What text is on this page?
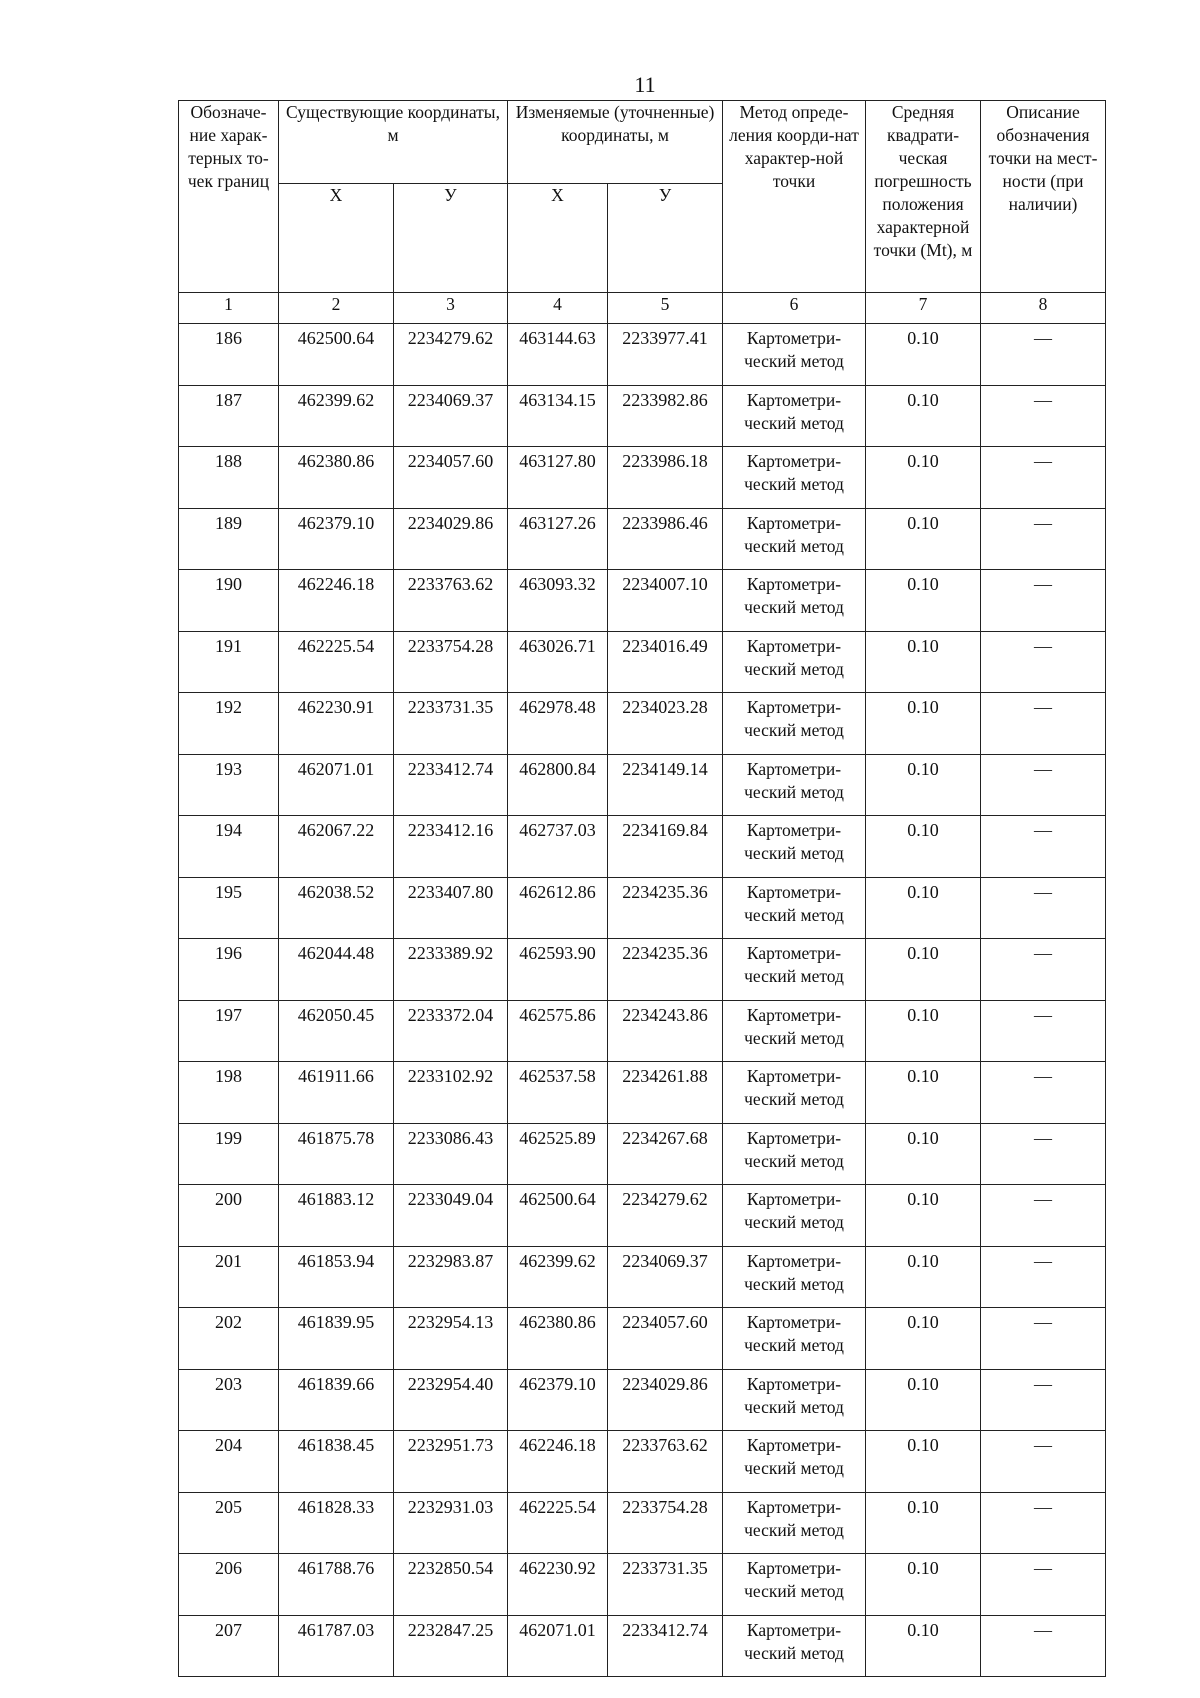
11
Обозначе-ние харак-терных то-чек границ	Существующие координаты, м		Изменяемые (уточненные) координаты, м		Метод опреде-ления коорди-нат характер-ной точки	Средняя квадрати-ческая погрешность положения характерной точки (Mt), м	Описание обозначения точки на мест-ности (при наличии)
	X	У	X	У			
1	2	3	4	5	6	7	8
186	462500.64	2234279.62	463144.63	2233977.41	Картометри-ческий метод	0.10	—
187	462399.62	2234069.37	463134.15	2233982.86	Картометри-ческий метод	0.10	—
188	462380.86	2234057.60	463127.80	2233986.18	Картометри-ческий метод	0.10	—
189	462379.10	2234029.86	463127.26	2233986.46	Картометри-ческий метод	0.10	—
190	462246.18	2233763.62	463093.32	2234007.10	Картометри-ческий метод	0.10	—
191	462225.54	2233754.28	463026.71	2234016.49	Картометри-ческий метод	0.10	—
192	462230.91	2233731.35	462978.48	2234023.28	Картометри-ческий метод	0.10	—
193	462071.01	2233412.74	462800.84	2234149.14	Картометри-ческий метод	0.10	—
194	462067.22	2233412.16	462737.03	2234169.84	Картометри-ческий метод	0.10	—
195	462038.52	2233407.80	462612.86	2234235.36	Картометри-ческий метод	0.10	—
196	462044.48	2233389.92	462593.90	2234235.36	Картометри-ческий метод	0.10	—
197	462050.45	2233372.04	462575.86	2234243.86	Картометри-ческий метод	0.10	—
198	461911.66	2233102.92	462537.58	2234261.88	Картометри-ческий метод	0.10	—
199	461875.78	2233086.43	462525.89	2234267.68	Картометри-ческий метод	0.10	—
200	461883.12	2233049.04	462500.64	2234279.62	Картометри-ческий метод	0.10	—
201	461853.94	2232983.87	462399.62	2234069.37	Картометри-ческий метод	0.10	—
202	461839.95	2232954.13	462380.86	2234057.60	Картометри-ческий метод	0.10	—
203	461839.66	2232954.40	462379.10	2234029.86	Картометри-ческий метод	0.10	—
204	461838.45	2232951.73	462246.18	2233763.62	Картометри-ческий метод	0.10	—
205	461828.33	2232931.03	462225.54	2233754.28	Картометри-ческий метод	0.10	—
206	461788.76	2232850.54	462230.92	2233731.35	Картометри-ческий метод	0.10	—
207	461787.03	2232847.25	462071.01	2233412.74	Картометри-ческий метод	0.10	—
